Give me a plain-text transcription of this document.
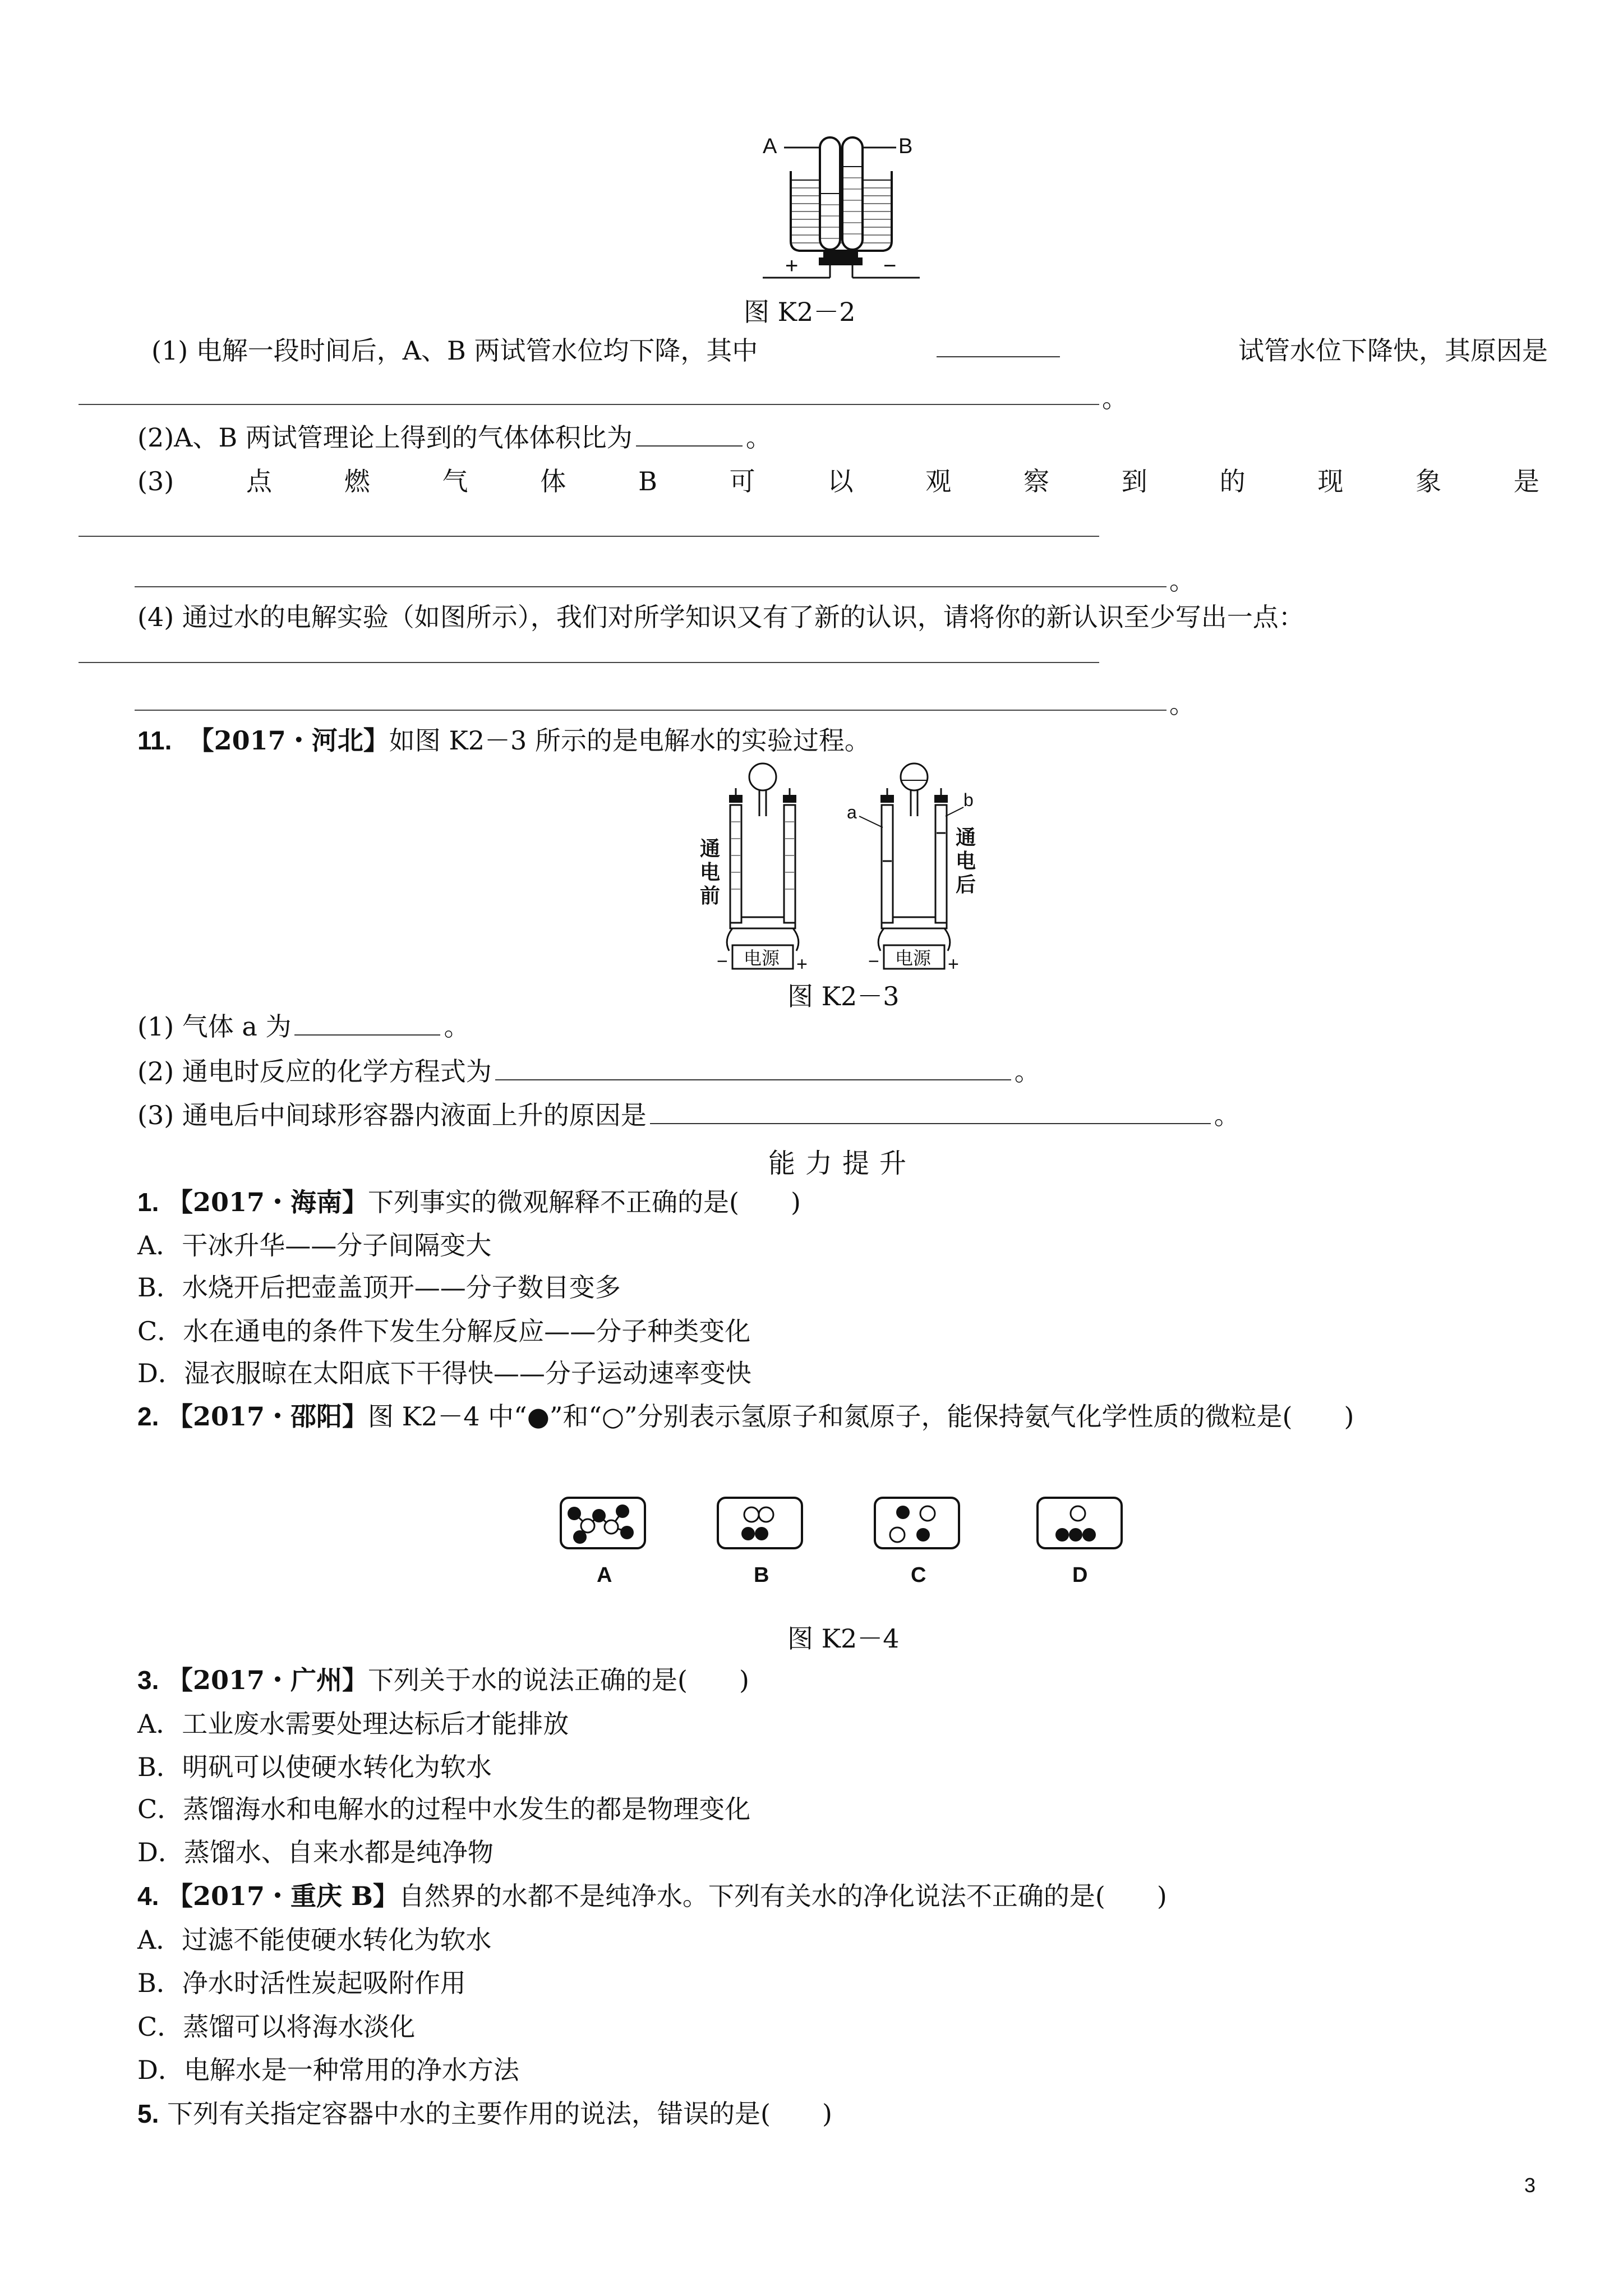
A	B
+	−
图 K2－2
(1) 电解一段时间后，A、B 两试管水位均下降，其中	试管水位下降快，其原因是
。
(2)A、B 两试管理论上得到的气体体积比为	。
(3)	点	燃	气	体	B	可	以	观	察	到	的	现	象	是
。
(4) 通过水的电解实验（如图所示），我们对所学知识又有了新的认识，请将你的新认识至少写出一点：
。
11. 【2017・河北】如图 K2－3 所示的是电解水的实验过程。
电源
−	+
通
电
前
电源
−	+
a
b
通
电
后
图 K2－3
(1) 气体 a 为	。
(2) 通电时反应的化学方程式为	。
(3) 通电后中间球形容器内液面上升的原因是	。
能力提升
1. 【2017・海南】下列事实的微观解释不正确的是(　　)
A．干冰升华——分子间隔变大
B．水烧开后把壶盖顶开——分子数目变多
C．水在通电的条件下发生分解反应——分子种类变化
D．湿衣服晾在太阳底下干得快——分子运动速率变快
2. 【2017・邵阳】图 K2－4 中“●”和“○”分别表示氢原子和氮原子，能保持氨气化学性质的微粒是(　　)
A	B	C	D
图 K2－4
3. 【2017・广州】下列关于水的说法正确的是(　　)
A．工业废水需要处理达标后才能排放
B．明矾可以使硬水转化为软水
C．蒸馏海水和电解水的过程中水发生的都是物理变化
D．蒸馏水、自来水都是纯净物
4. 【2017・重庆 B】自然界的水都不是纯净水。下列有关水的净化说法不正确的是(　　)
A．过滤不能使硬水转化为软水
B．净水时活性炭起吸附作用
C．蒸馏可以将海水淡化
D．电解水是一种常用的净水方法
5. 下列有关指定容器中水的主要作用的说法，错误的是(　　)
3
